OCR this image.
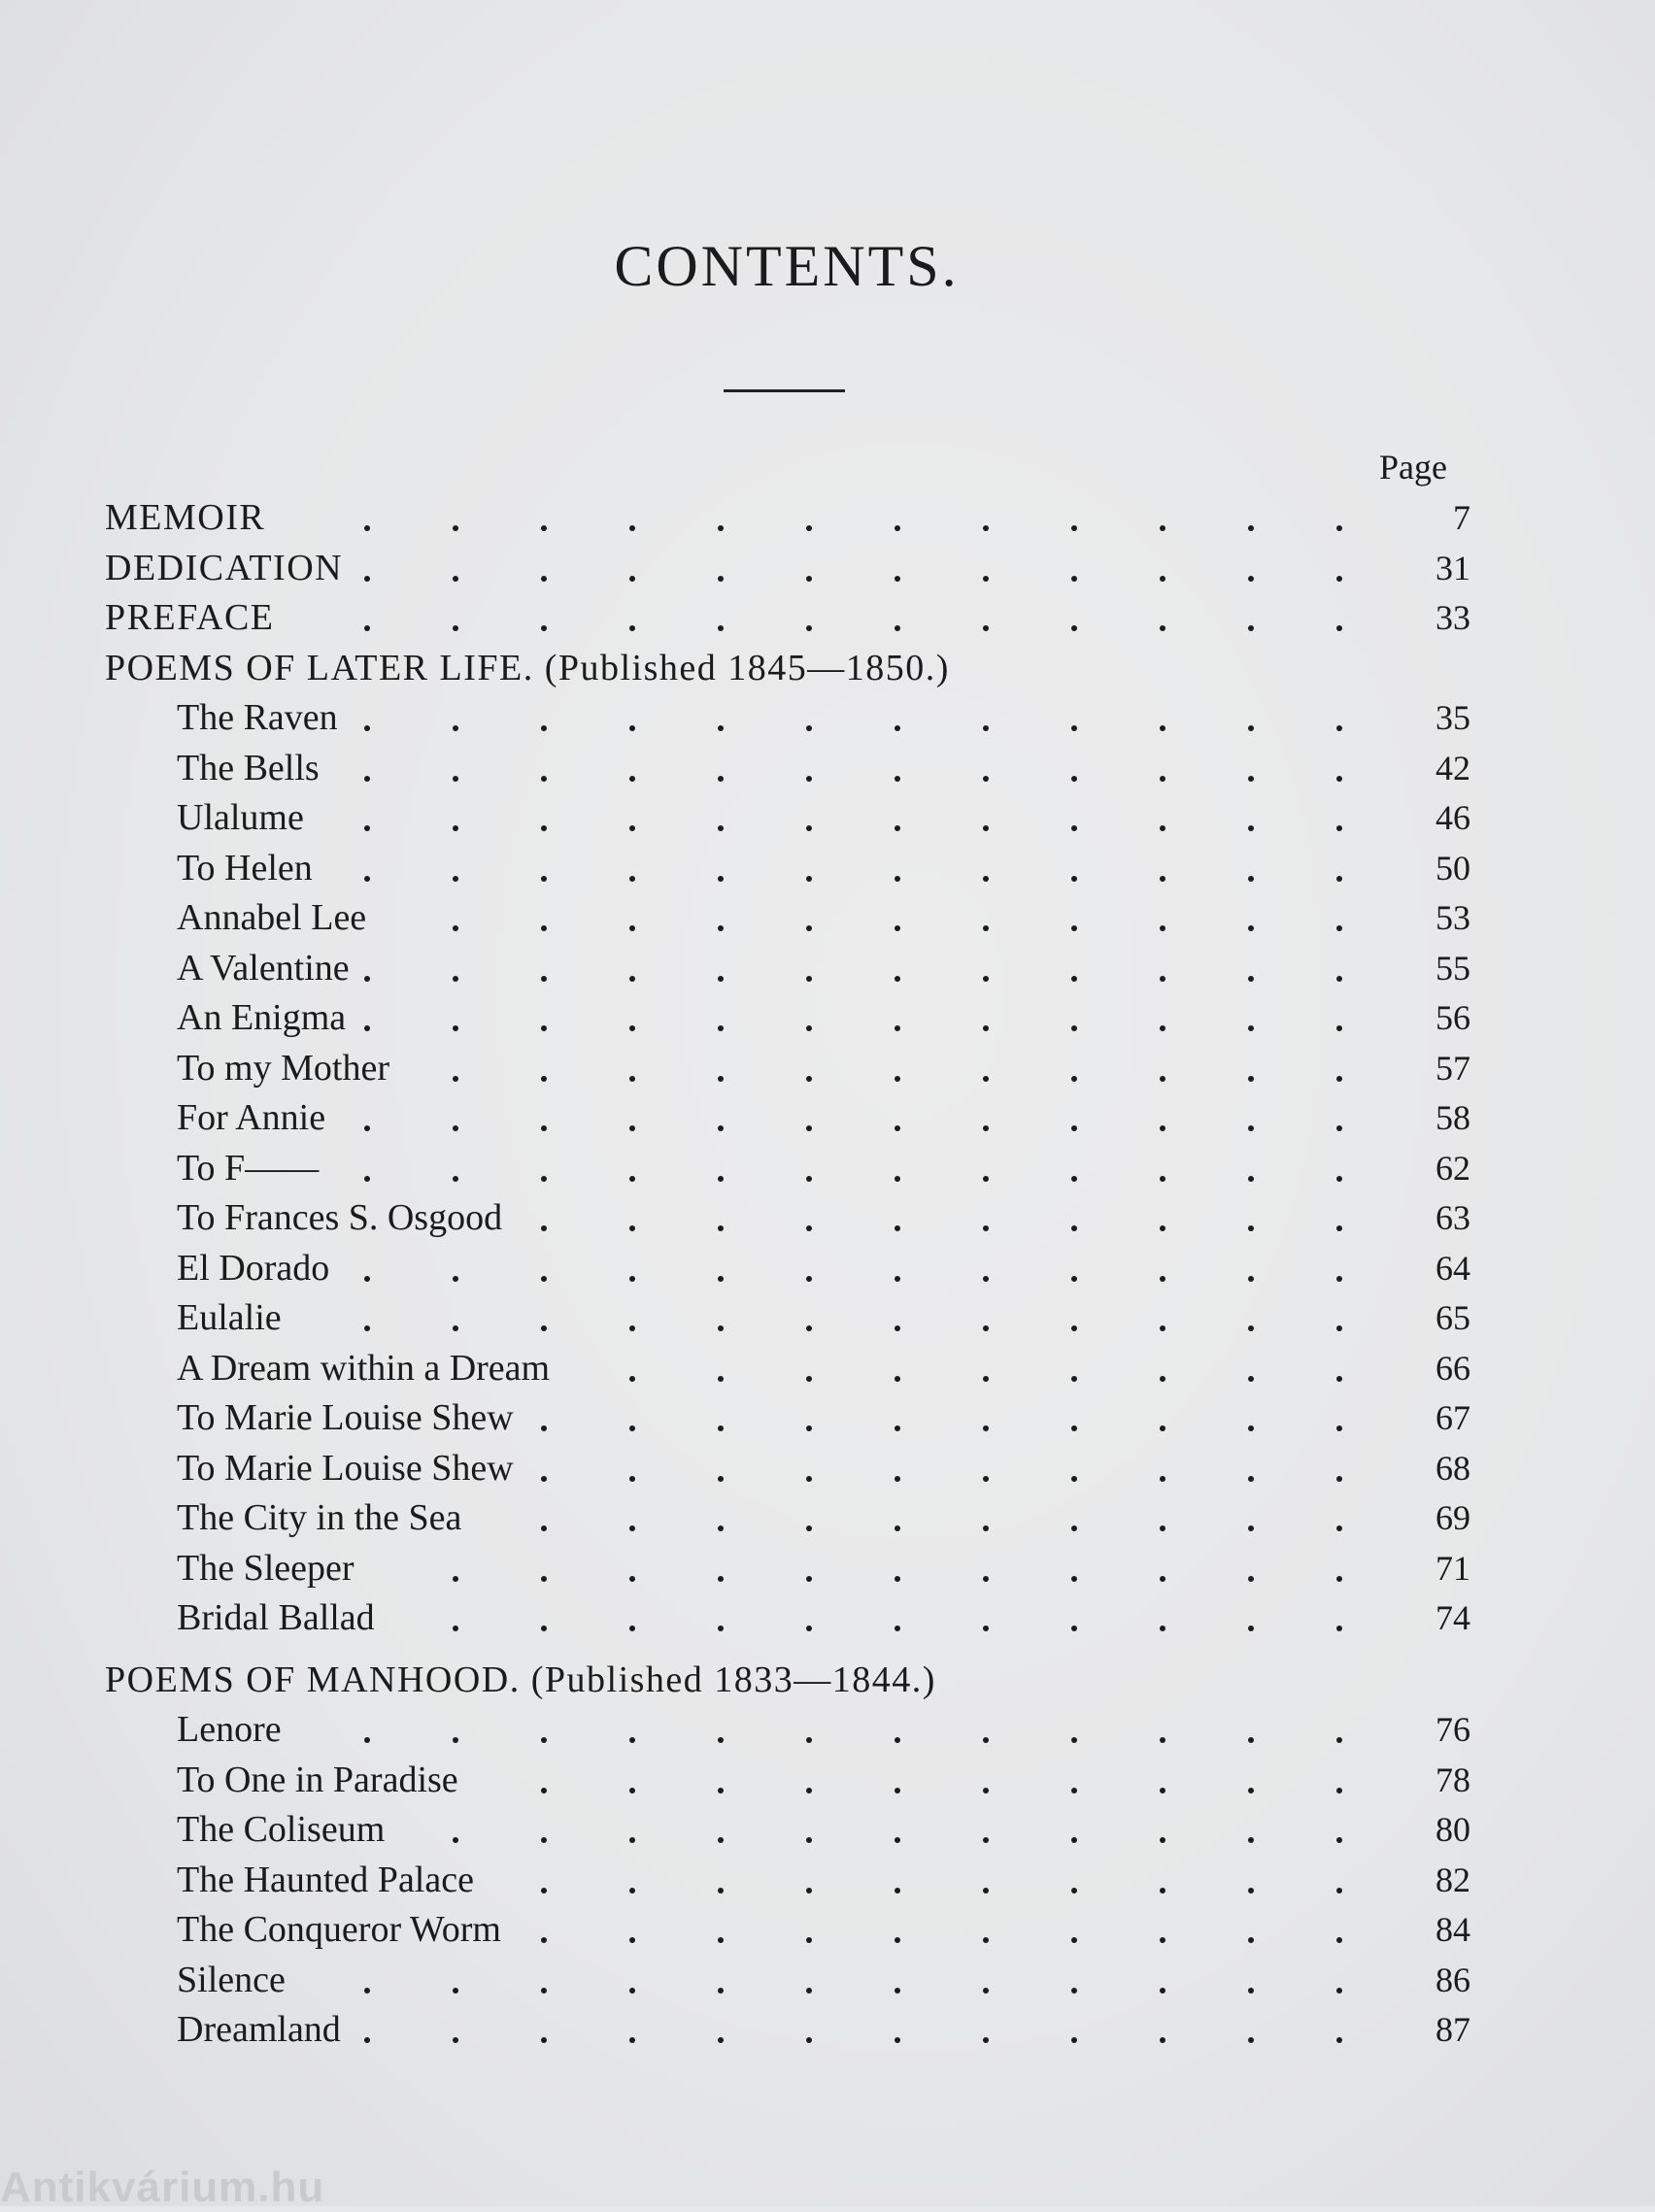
CONTENTS.
Page
MEMOIR	7
DEDICATION	31
PREFACE	33
POEMS OF LATER LIFE. (Published 1845—1850.)
The Raven	35
The Bells	42
Ulalume	46
To Helen	50
Annabel Lee	53
A Valentine	55
An Enigma	56
To my Mother	57
For Annie	58
To F——	62
To Frances S. Osgood	63
El Dorado	64
Eulalie	65
A Dream within a Dream	66
To Marie Louise Shew	67
To Marie Louise Shew	68
The City in the Sea	69
The Sleeper	71
Bridal Ballad	74
POEMS OF MANHOOD. (Published 1833—1844.)
Lenore	76
To One in Paradise	78
The Coliseum	80
The Haunted Palace	82
The Conqueror Worm	84
Silence	86
Dreamland	87
Antikvárium.hu
